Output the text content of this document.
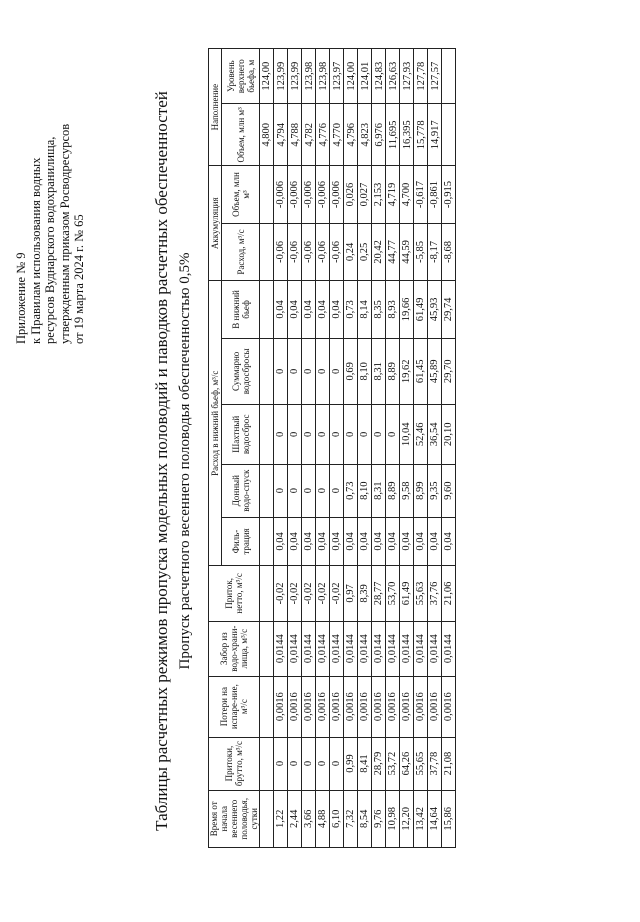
Приложение № 9 к Правилам использования водных ресурсов Вуднарского водохранилища, утвержденным приказом Росводресурсов от 19 марта 2024 г. № 65	Таблицы расчетных режимов пропуска модельных половодий и паводков расчетных обеспеченностей Пропуск расчетного весеннего половодья обеспеченностью 0,5%
Время от начала весеннего половодья, сутки	Притоки, брутто, м³/с	Потери на испаре-ние, м³/с	Забор из водо-храни-лища, м³/с	Приток, нетто, м³/с	Расход в нижний бьеф, м³/с					Аккумуляция		Наполнение	
					Филь-трация	Донный водо-спуск	Шахтный водосброс	Суммарно водосбросы	В нижний бьеф	Расход, м³/с	Объем, млн м³	Объем, млн м³	Уровень верхнего бьефа, м
												4,800	124,00
1,22	0	0,0016	0,0144	-0,02	0,04	0	0	0	0,04	-0,06	-0,006	4,794	123,99
2,44	0	0,0016	0,0144	-0,02	0,04	0	0	0	0,04	-0,06	-0,006	4,788	123,99
3,66	0	0,0016	0,0144	-0,02	0,04	0	0	0	0,04	-0,06	-0,006	4,782	123,98
4,88	0	0,0016	0,0144	-0,02	0,04	0	0	0	0,04	-0,06	-0,006	4,776	123,98
6,10	0	0,0016	0,0144	-0,02	0,04	0	0	0	0,04	-0,06	-0,006	4,770	123,97
7,32	0,99	0,0016	0,0144	0,97	0,04	0,73	0	0,69	0,73	0,24	0,026	4,796	124,00
8,54	8,41	0,0016	0,0144	8,39	0,04	8,10	0	8,10	8,14	0,25	0,027	4,823	124,01
9,76	28,79	0,0016	0,0144	28,77	0,04	8,31	0	8,31	8,35	20,42	2,153	6,976	124,83
10,98	53,72	0,0016	0,0144	53,70	0,04	8,89	0	8,89	8,93	44,77	4,719	11,695	126,63
12,20	64,26	0,0016	0,0144	61,49	0,04	9,58	10,04	19,62	19,66	44,59	4,700	16,395	127,93
13,42	55,65	0,0016	0,0144	55,63	0,04	8,99	52,46	61,45	61,49	-5,85	-0,617	15,778	127,78
14,64	37,78	0,0016	0,0144	37,76	0,04	9,35	36,54	45,89	45,93	-8,17	-0,861	14,917	127,57
15,86	21,08	0,0016	0,0144	21,06	0,04	9,60	20,10	29,70	29,74	-8,68	-0,915		
